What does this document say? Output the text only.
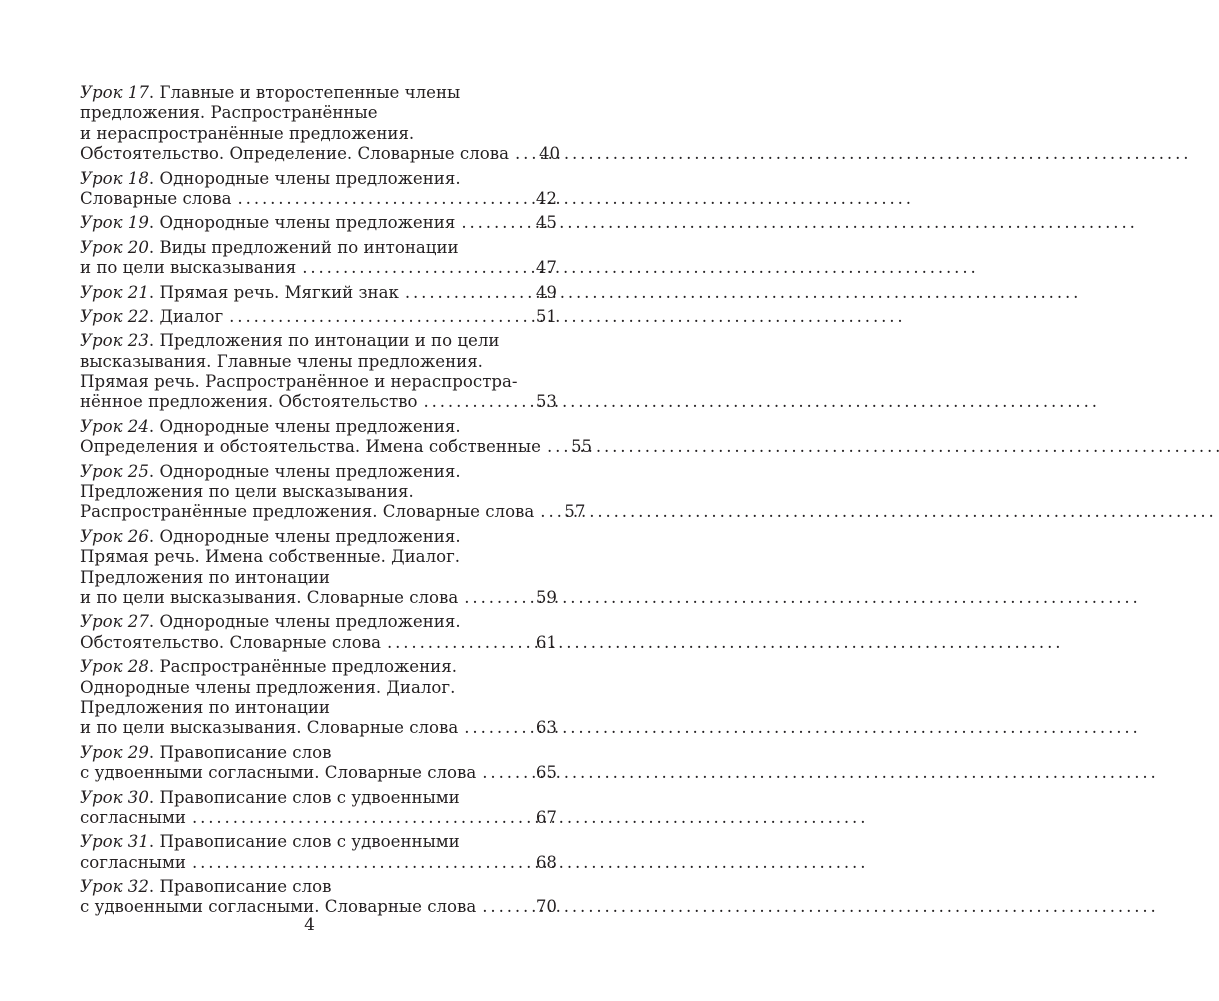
Урок 17. Главные и второстепенные члены
предложения. Распространённые
и нераспространённые предложения.
Обстоятельство. Определение. Словарные слова . . . 40
Урок 18. Однородные члены предложения.
Словарные слова . . .	42
Урок 19. Однородные члены предложения . . .	45
Урок 20. Виды предложений по интонации
и по цели высказывания . . .	47
Урок 21. Прямая речь. Мягкий знак . . .	49
Урок 22. Диалог . . .	51
Урок 23. Предложения по интонации и по цели
высказывания. Главные члены предложения.
Прямая речь. Распространённое и нераспростра-
нённое предложения. Обстоятельство . . .	53
Урок 24. Однородные члены предложения.
Определения и обстоятельства. Имена собственные . . . 55
Урок 25. Однородные члены предложения.
Предложения по цели высказывания.
Распространённые предложения. Словарные слова . . . 57
Урок 26. Однородные члены предложения.
Прямая речь. Имена собственные. Диалог.
Предложения по интонации
и по цели высказывания. Словарные слова . . .	59
Урок 27. Однородные члены предложения.
Обстоятельство. Словарные слова . . .	61
Урок 28. Распространённые предложения.
Однородные члены предложения. Диалог.
Предложения по интонации
и по цели высказывания. Словарные слова . . .	63
Урок 29. Правописание слов
с удвоенными согласными. Словарные слова . . .	65
Урок 30. Правописание слов с удвоенными
согласными . . .	67
Урок 31. Правописание слов с удвоенными
согласными . . .	68
Урок 32. Правописание слов
с удвоенными согласными. Словарные слова . . .	70
4
